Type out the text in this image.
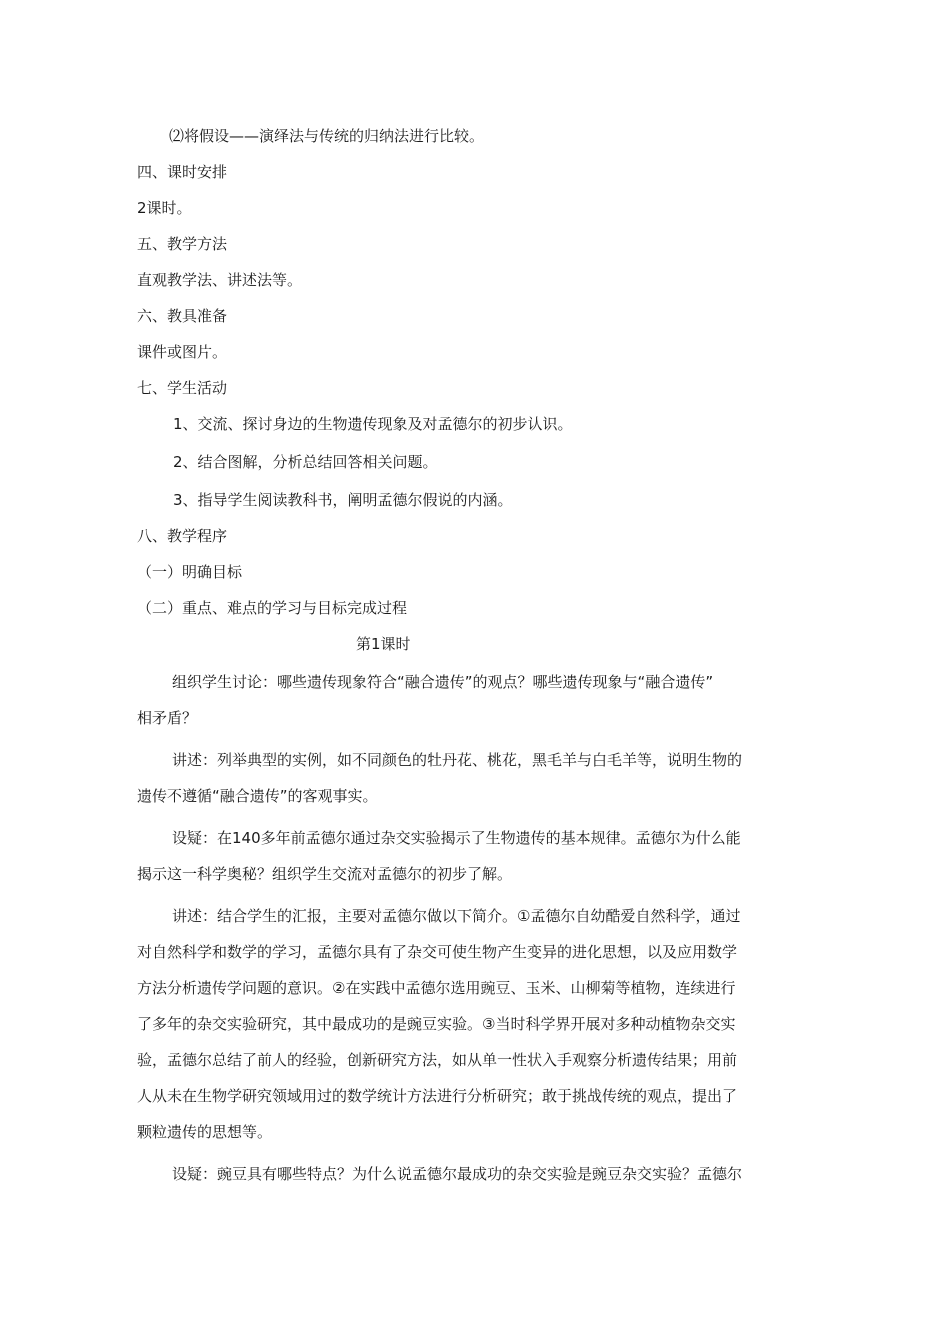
⑵将假设——演绎法与传统的归纳法进行比较。

四、课时安排

2课时。

五、教学方法

直观教学法、讲述法等。

六、教具准备

课件或图片。

七、学生活动

1、交流、探讨身边的生物遗传现象及对孟德尔的初步认识。

2、结合图解，分析总结回答相关问题。

3、指导学生阅读教科书，阐明孟德尔假说的内涵。

八、教学程序

（一）明确目标

（二）重点、难点的学习与目标完成过程

第1课时

组织学生讨论：哪些遗传现象符合“融合遗传”的观点？哪些遗传现象与“融合遗传”
相矛盾？
讲述：列举典型的实例，如不同颜色的牡丹花、桃花，黑毛羊与白毛羊等，说明生物的
遗传不遵循“融合遗传”的客观事实。
设疑：在140多年前孟德尔通过杂交实验揭示了生物遗传的基本规律。孟德尔为什么能
揭示这一科学奥秘？组织学生交流对孟德尔的初步了解。
讲述：结合学生的汇报，主要对孟德尔做以下简介。①孟德尔自幼酷爱自然科学，通过
对自然科学和数学的学习，孟德尔具有了杂交可使生物产生变异的进化思想，以及应用数学
方法分析遗传学问题的意识。②在实践中孟德尔选用豌豆、玉米、山柳菊等植物，连续进行
了多年的杂交实验研究，其中最成功的是豌豆实验。③当时科学界开展对多种动植物杂交实
验，孟德尔总结了前人的经验，创新研究方法，如从单一性状入手观察分析遗传结果；用前
人从未在生物学研究领域用过的数学统计方法进行分析研究；敢于挑战传统的观点，提出了
颗粒遗传的思想等。
设疑：豌豆具有哪些特点？为什么说孟德尔最成功的杂交实验是豌豆杂交实验？孟德尔
